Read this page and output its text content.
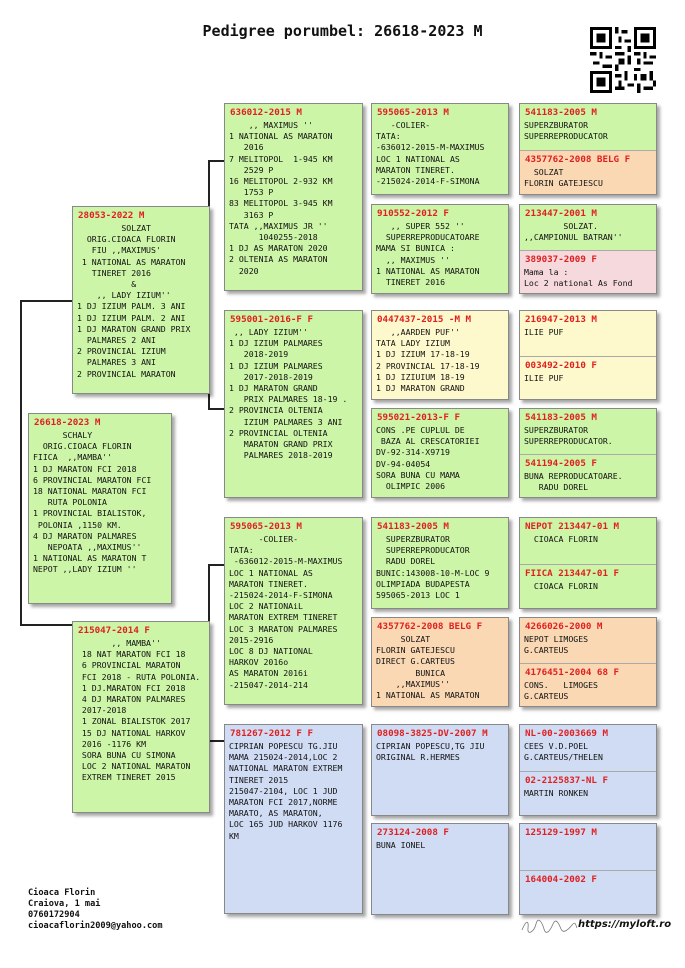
Pedigree porumbel: 26618-2023 M
26618-2023 M
SCHALY
ORIG.CIOACA FLORIN
FIICA  ,,MAMBA''
1 DJ MARATON FCI 2018
6 PROVINCIAL MARATON FCI
18 NATIONAL MARATON FCI
RUTA POLONIA
1 PROVINCIAL BIALISTOK,
POLONIA ,1150 KM.
4 DJ MARATON PALMARES
NEPOATA ,,MAXIMUS''
1 NATIONAL AS MARATON T
NEPOT ,,LADY IZIUM ''
28053-2022 M
SOLZAT
ORIG.CIOACA FLORIN
FIU ,,MAXIMUS'
1 NATIONAL AS MARATON
TINERET 2016
&
,, LADY IZIUM''
1 DJ IZIUM PALM. 3 ANI
1 DJ IZIUM PALM. 2 ANI
1 DJ MARATON GRAND PRIX
PALMARES 2 ANI
2 PROVINCIAL IZIUM
PALMARES 3 ANI
2 PROVINCIAL MARATON
215047-2014 F
,, MAMBA''
18 NAT MARATON FCI 18
6 PROVINCIAL MARATON
FCI 2018 - RUTA POLONIA.
1 DJ.MARATON FCI 2018
4 DJ MARATON PALMARES
2017-2018
1 ZONAL BIALISTOK 2017
15 DJ NATIONAL HARKOV
2016 -1176 KM
SORA BUNA CU SIMONA
LOC 2 NATIONAL MARATON
EXTREM TINERET 2015
636012-2015 M
,, MAXIMUS ''
1 NATIONAL AS MARATON
2016
7 MELITOPOL  1-945 KM
2529 P
16 MELITOPOL 2-932 KM
1753 P
83 MELITOPOL 3-945 KM
3163 P
TATA ,,MAXIMUS JR ''
1040255-2018
1 DJ AS MARATON 2020
2 OLTENIA AS MARATON
2020
595001-2016-F F
,, LADY IZIUM''
1 DJ IZIUM PALMARES
2018-2019
1 DJ IZIUM PALMARES
2017-2018-2019
1 DJ MARATON GRAND
PRIX PALMARES 18-19 .
2 PROVINCIA OLTENIA
IZIUM PALMARES 3 ANI
2 PROVINCIAL OLTENIA
MARATON GRAND PRIX
PALMARES 2018-2019
595065-2013 M
-COLIER-
TATA:
-636012-2015-M-MAXIMUS
LOC 1 NATIONAL AS
MARATON TINERET.
-215024-2014-F-SIMONA
LOC 2 NATIONAiL
MARATON EXTREM TINERET
LOC 3 MARATON PALMARES
2015-2916
LOC 8 DJ NATIONAL
HARKOV 2016o
AS MARATON 2016i
-215047-2014-214
781267-2012 F F
CIPRIAN POPESCU TG.JIU
MAMA 215024-2014,LOC 2
NATIONAL MARATON EXTREM
TINERET 2015
215047-2104, LOC 1 JUD
MARATON FCI 2017,NORME
MARATO, AS MARATON,
LOC 165 JUD HARKOV 1176
KM
595065-2013 M
-COLIER-
TATA:
-636012-2015-M-MAXIMUS
LOC 1 NATIONAL AS
MARATON TINERET.
-215024-2014-F-SIMONA
910552-2012 F
,, SUPER 552 ''
SUPERREPRODUCATOARE
MAMA SI BUNICA :
,, MAXIMUS ''
1 NATIONAL AS MARATON
TINERET 2016
0447437-2015 -M M
,,AARDEN PUF''
TATA LADY IZIUM
1 DJ IZIUM 17-18-19
2 PROVINCIAL 17-18-19
1 DJ IZIUIUM 18-19
1 DJ MARATON GRAND
595021-2013-F F
CONS .PE CUPLUL DE
BAZA AL CRESCATORIEI
DV-92-314-X9719
DV-94-04054
SORA BUNA CU MAMA
OLIMPIC 2006
541183-2005 M
SUPERZBURATOR
SUPERREPRODUCATOR
RADU DOREL
BUNIC:143008-10-M-LOC 9
OLIMPIADA BUDAPESTA
595065-2013 LOC 1
4357762-2008 BELG F
SOLZAT
FLORIN GATEJESCU
DIRECT G.CARTEUS
BUNICA
,,MAXIMUS''
1 NATIONAL AS MARATON
08098-3825-DV-2007 M
CIPRIAN POPESCU,TG JIU
ORIGINAL R.HERMES
273124-2008 F
BUNA IONEL
541183-2005 M
SUPERZBURATOR
SUPERREPRODUCATOR
4357762-2008 BELG F
SOLZAT
FLORIN GATEJESCU
213447-2001 M
SOLZAT.
,,CAMPIONUL BATRAN''
389037-2009 F
Mama la :
Loc 2 national As Fond
216947-2013 M
ILIE PUF
003492-2010 F
ILIE PUF
541183-2005 M
SUPERZBURATOR
SUPERREPRODUCATOR.
541194-2005 F
BUNA REPRODUCATOARE.
RADU DOREL
NEPOT 213447-01 M
CIOACA FLORIN
FIICA 213447-01 F
CIOACA FLORIN
4266026-2000 M
NEPOT LIMOGES
G.CARTEUS
4176451-2004 68 F
CONS.   LIMOGES
G.CARTEUS
NL-00-2003669 M
CEES V.D.POEL
G.CARTEUS/THELEN
02-2125837-NL F
MARTIN RONKEN
125129-1997 M
164004-2002 F
Cioaca Florin
Craiova, 1 mai
0760172904
cioacaflorin2009@yahoo.com	https://myloft.ro
